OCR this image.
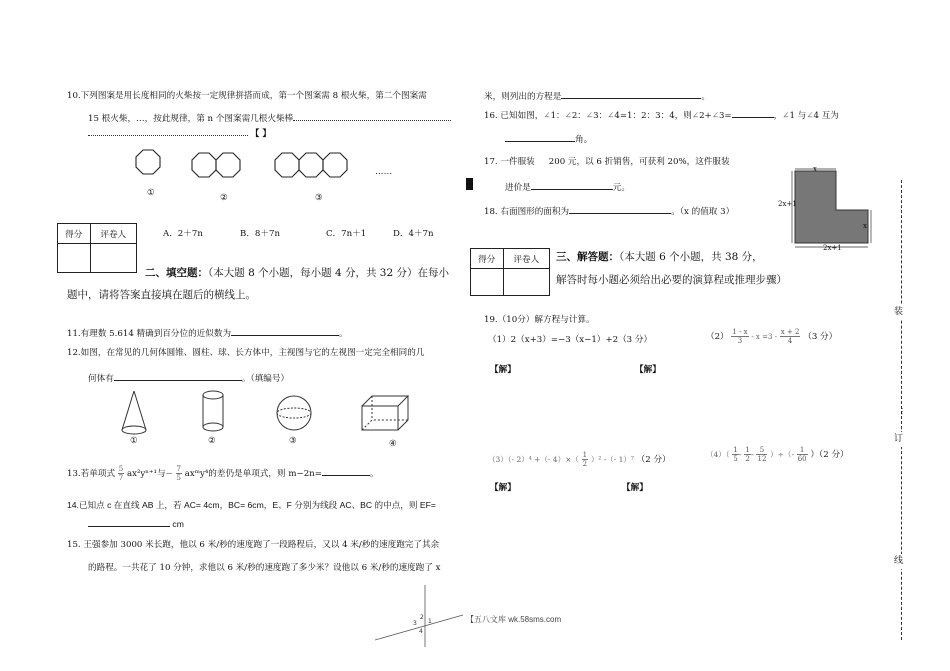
10.下列图案是用长度相同的火柴按一定规律拼搭而成，第一个图案需 8 根火柴，第二个图案需
15 根火柴，…，按此规律，第 n 个图案需几根火柴棒
【 】
①	②	③
……
得分	评卷人
		A．2＋7n	B．8＋7n	C．7n＋1	D．4＋7n
二、填空题：（本大题 8 个小题，每小题 4 分，共 32 分）在每小
题中，请将答案直接填在题后的横线上。
11.有理数 5.614 精确到百分位的近似数为	。
12.如图，在常见的几何体圆锥、圆柱、球、长方体中，主视图与它的左视图一定完全相同的几
何体有	。（填编号）
①	②	③	④
13.若单项式 $\frac{5}{7} ax^2y^{n+1}$与− $\frac{7}{5}$ axᵐy⁴的差仍是单项式，则 m−2n=	。
14.已知点 c 在直线 AB 上，若 AC= 4cm，BC= 6cm，E、F 分别为线段 AC、BC 的中点，则 EF=
cm
15. 王强参加 3000 米长跑，他以 6 米/秒的速度跑了一段路程后，又以 4 米/秒的速度跑完了其余
的路程。一共花了 10 分钟，求他以 6 米/秒的速度跑了多少米？设他以 6 米/秒的速度跑了 x
2
3 1
4
【五八文库 wk.58sms.com
米，则列出的方程是	。
16. 已知如图，∠1：∠2：∠3：∠4=1：2：3：4，则∠2+∠3=	，∠1 与∠4 互为
角。
17. 一件服装 200 元，以 6 折销售，可获利 20%，这件服装
进价是	元。
18. 右面图形的面积为	。（x 的值取 3）
x
2x+1
x
2x+1
得分	评卷人
	三、解答题：（本大题 6 个小题，共 38 分，
解答时每小题必须给出必要的演算程或推理步骤）
19.（10分）解方程与计算。
（1）2（x+3）=−3（x−1）+2（3 分）	$(2) \frac{1 - x}{3} - x =3 - \frac{x + 2}{4} (3$ 分）
【解】	【解】
（3）（- 2）⁴ +（- $4)\times( \frac{1}{2} )^2$ -（- 1）⁷ （2 分）
$(4)( \frac{1}{5} - \frac{1}{2} - \frac{5}{12}$ ）÷（- $\frac{1}{60} )(2$ 分）
【解】	【解】
装
⋮
订
线
